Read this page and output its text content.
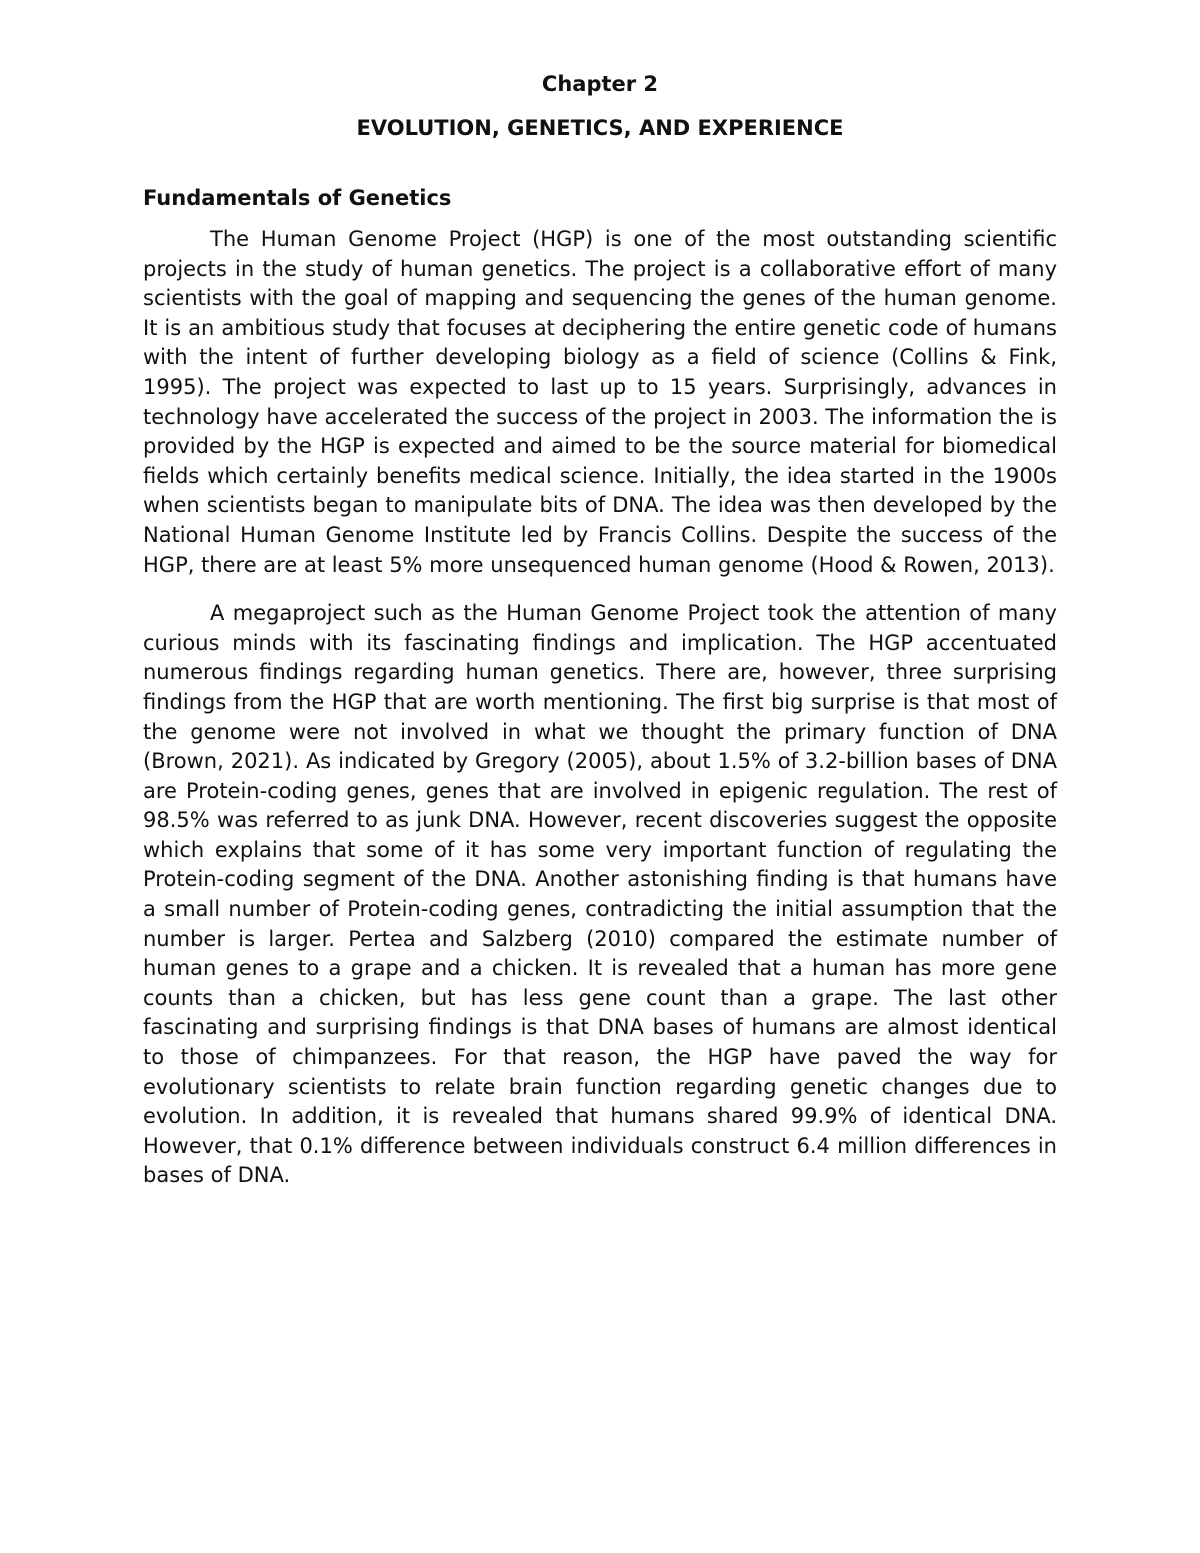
Chapter 2
EVOLUTION, GENETICS, AND EXPERIENCE
Fundamentals of Genetics

The Human Genome Project (HGP) is one of the most outstanding scientific projects in the study of human genetics. The project is a collaborative effort of many scientists with the goal of mapping and sequencing the genes of the human genome. It is an ambitious study that focuses at deciphering the entire genetic code of humans with the intent of further developing biology as a field of science (Collins & Fink, 1995). The project was expected to last up to 15 years. Surprisingly, advances in technology have accelerated the success of the project in 2003. The information the is provided by the HGP is expected and aimed to be the source material for biomedical fields which certainly benefits medical science. Initially, the idea started in the 1900s when scientists began to manipulate bits of DNA. The idea was then developed by the National Human Genome Institute led by Francis Collins. Despite the success of the HGP, there are at least 5% more unsequenced human genome (Hood & Rowen, 2013).

A megaproject such as the Human Genome Project took the attention of many curious minds with its fascinating findings and implication. The HGP accentuated numerous findings regarding human genetics. There are, however, three surprising findings from the HGP that are worth mentioning. The first big surprise is that most of the genome were not involved in what we thought the primary function of DNA (Brown, 2021). As indicated by Gregory (2005), about 1.5% of 3.2-billion bases of DNA are Protein-coding genes, genes that are involved in epigenic regulation. The rest of 98.5% was referred to as junk DNA. However, recent discoveries suggest the opposite which explains that some of it has some very important function of regulating the Protein-coding segment of the DNA. Another astonishing finding is that humans have a small number of Protein-coding genes, contradicting the initial assumption that the number is larger. Pertea and Salzberg (2010) compared the estimate number of human genes to a grape and a chicken. It is revealed that a human has more gene counts than a chicken, but has less gene count than a grape. The last other fascinating and surprising findings is that DNA bases of humans are almost identical to those of chimpanzees. For that reason, the HGP have paved the way for evolutionary scientists to relate brain function regarding genetic changes due to evolution. In addition, it is revealed that humans shared 99.9% of identical DNA. However, that 0.1% difference between individuals construct 6.4 million differences in bases of DNA.
